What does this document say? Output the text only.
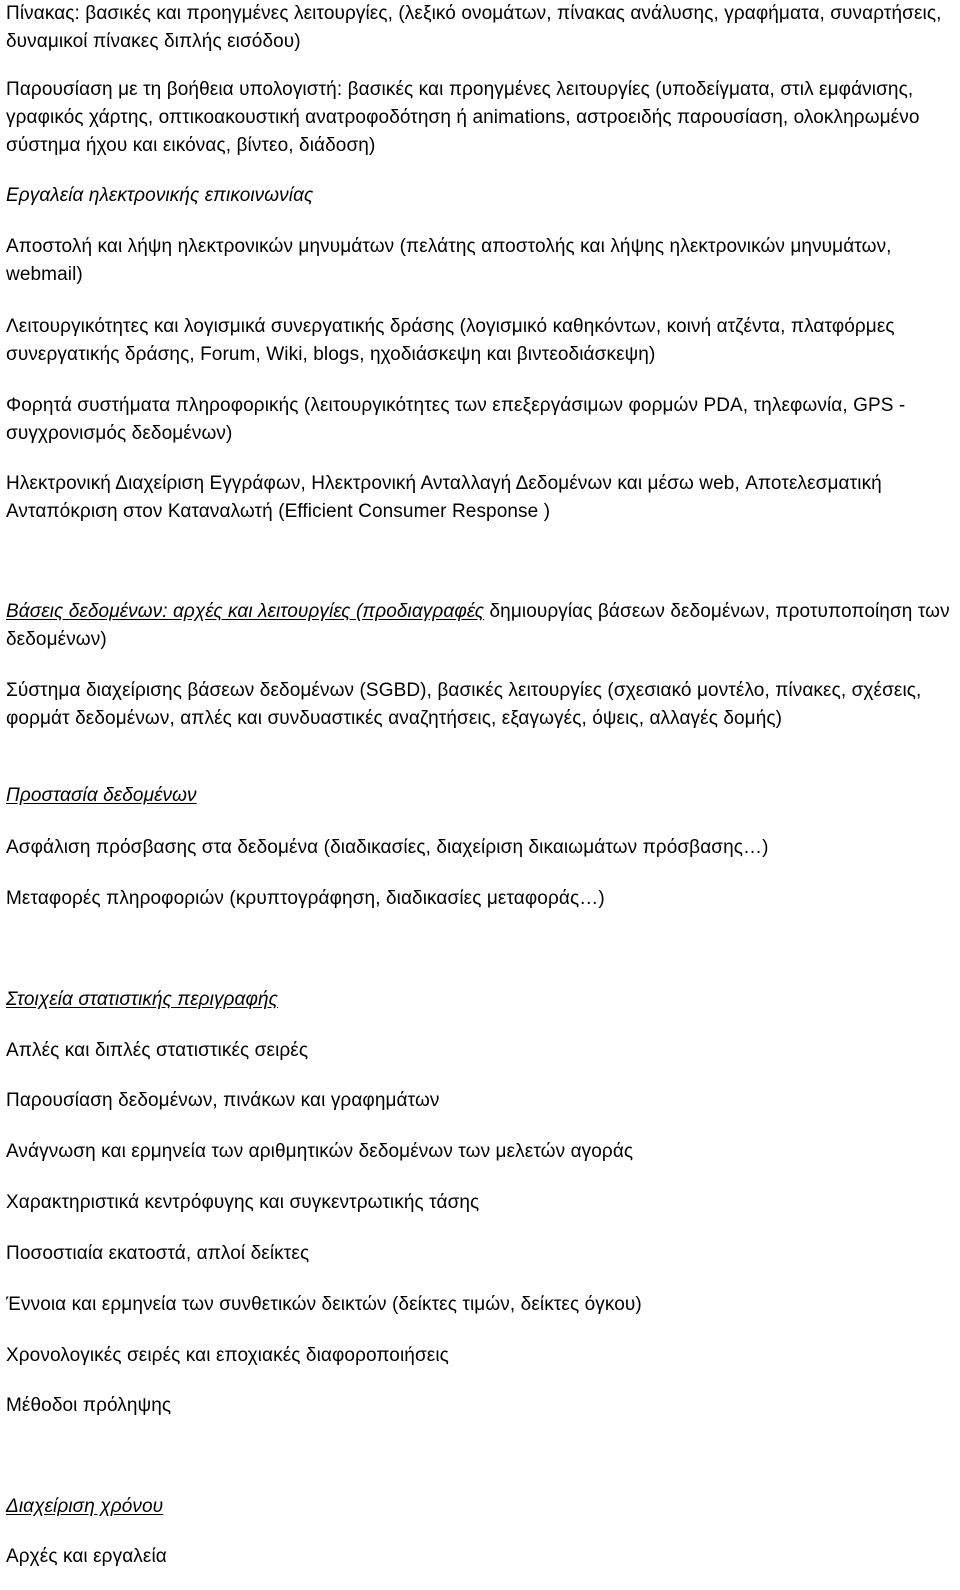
Πίνακας: βασικές και προηγμένες λειτουργίες, (λεξικό ονομάτων, πίνακας ανάλυσης, γραφήματα, συναρτήσεις, δυναμικοί πίνακες διπλής εισόδου)

Παρουσίαση με τη βοήθεια υπολογιστή: βασικές και προηγμένες λειτουργίες (υποδείγματα, στιλ εμφάνισης, γραφικός χάρτης, οπτικοακουστική ανατροφοδότηση ή animations, αστροειδής παρουσίαση, ολοκληρωμένο σύστημα ήχου και εικόνας, βίντεο, διάδοση)

Εργαλεία ηλεκτρονικής επικοινωνίας

Αποστολή και λήψη ηλεκτρονικών μηνυμάτων (πελάτης αποστολής και λήψης ηλεκτρονικών μηνυμάτων, webmail)

Λειτουργικότητες και λογισμικά συνεργατικής δράσης (λογισμικό καθηκόντων, κοινή ατζέντα, πλατφόρμες συνεργατικής δράσης, Forum, Wiki, blogs, ηχοδιάσκεψη και βιντεοδιάσκεψη)

Φορητά συστήματα πληροφορικής (λειτουργικότητες των επεξεργάσιμων φορμών PDA, τηλεφωνία, GPS - συγχρονισμός δεδομένων)

Ηλεκτρονική Διαχείριση Εγγράφων, Ηλεκτρονική Ανταλλαγή Δεδομένων και μέσω web, Αποτελεσματική Ανταπόκριση στον Καταναλωτή (Efficient Consumer Response )

Βάσεις δεδομένων: αρχές και λειτουργίες (προδιαγραφές δημιουργίας βάσεων δεδομένων, προτυποποίηση των δεδομένων)

Σύστημα διαχείρισης βάσεων δεδομένων (SGBD), βασικές λειτουργίες (σχεσιακό μοντέλο, πίνακες, σχέσεις, φορμάτ δεδομένων, απλές και συνδυαστικές αναζητήσεις, εξαγωγές, όψεις, αλλαγές δομής)

Προστασία δεδομένων

Ασφάλιση πρόσβασης στα δεδομένα (διαδικασίες, διαχείριση δικαιωμάτων πρόσβασης…)

Μεταφορές πληροφοριών (κρυπτογράφηση, διαδικασίες μεταφοράς…)

Στοιχεία στατιστικής περιγραφής

Απλές και διπλές στατιστικές σειρές

Παρουσίαση δεδομένων, πινάκων και γραφημάτων

Ανάγνωση και ερμηνεία των αριθμητικών δεδομένων των μελετών αγοράς

Χαρακτηριστικά κεντρόφυγης και συγκεντρωτικής τάσης

Ποσοστιαία εκατοστά, απλοί δείκτες

Έννοια και ερμηνεία των συνθετικών δεικτών (δείκτες τιμών, δείκτες όγκου)

Χρονολογικές σειρές και εποχιακές διαφοροποιήσεις

Μέθοδοι πρόληψης

Διαχείριση χρόνου

Αρχές και εργαλεία
